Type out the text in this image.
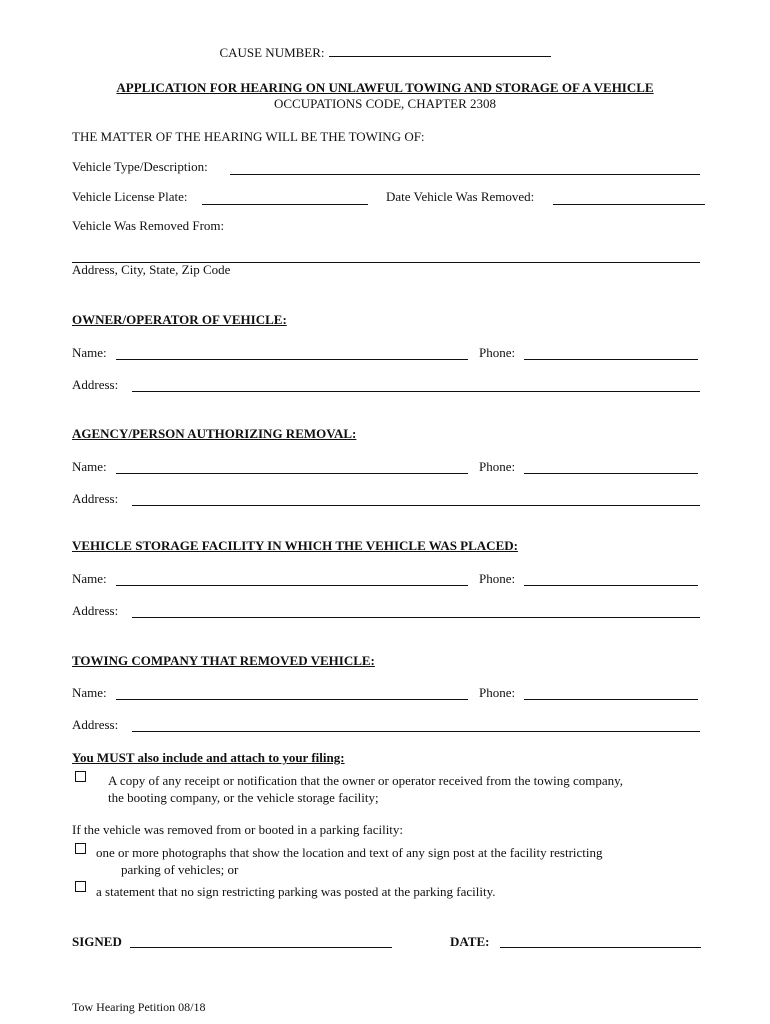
CAUSE NUMBER:
APPLICATION FOR HEARING ON UNLAWFUL TOWING AND STORAGE OF A VEHICLE
OCCUPATIONS CODE, CHAPTER 2308
THE MATTER OF THE HEARING WILL BE THE TOWING OF:
Vehicle Type/Description:
Vehicle License Plate:	Date Vehicle Was Removed:
Vehicle Was Removed From:
Address, City, State, Zip Code
OWNER/OPERATOR OF VEHICLE:
Name:	Phone:
Address:
AGENCY/PERSON AUTHORIZING REMOVAL:
Name:	Phone:
Address:
VEHICLE STORAGE FACILITY IN WHICH THE VEHICLE WAS PLACED:
Name:	Phone:
Address:
TOWING COMPANY THAT REMOVED VEHICLE:
Name:	Phone:
Address:
You MUST also include and attach to your filing:
A copy of any receipt or notification that the owner or operator received from the towing company,
the booting company, or the vehicle storage facility;
If the vehicle was removed from or booted in a parking facility:
one or more photographs that show the location and text of any sign post at the facility restricting
parking of vehicles; or
a statement that no sign restricting parking was posted at the parking facility.
SIGNED	DATE:
Tow Hearing Petition 08/18
